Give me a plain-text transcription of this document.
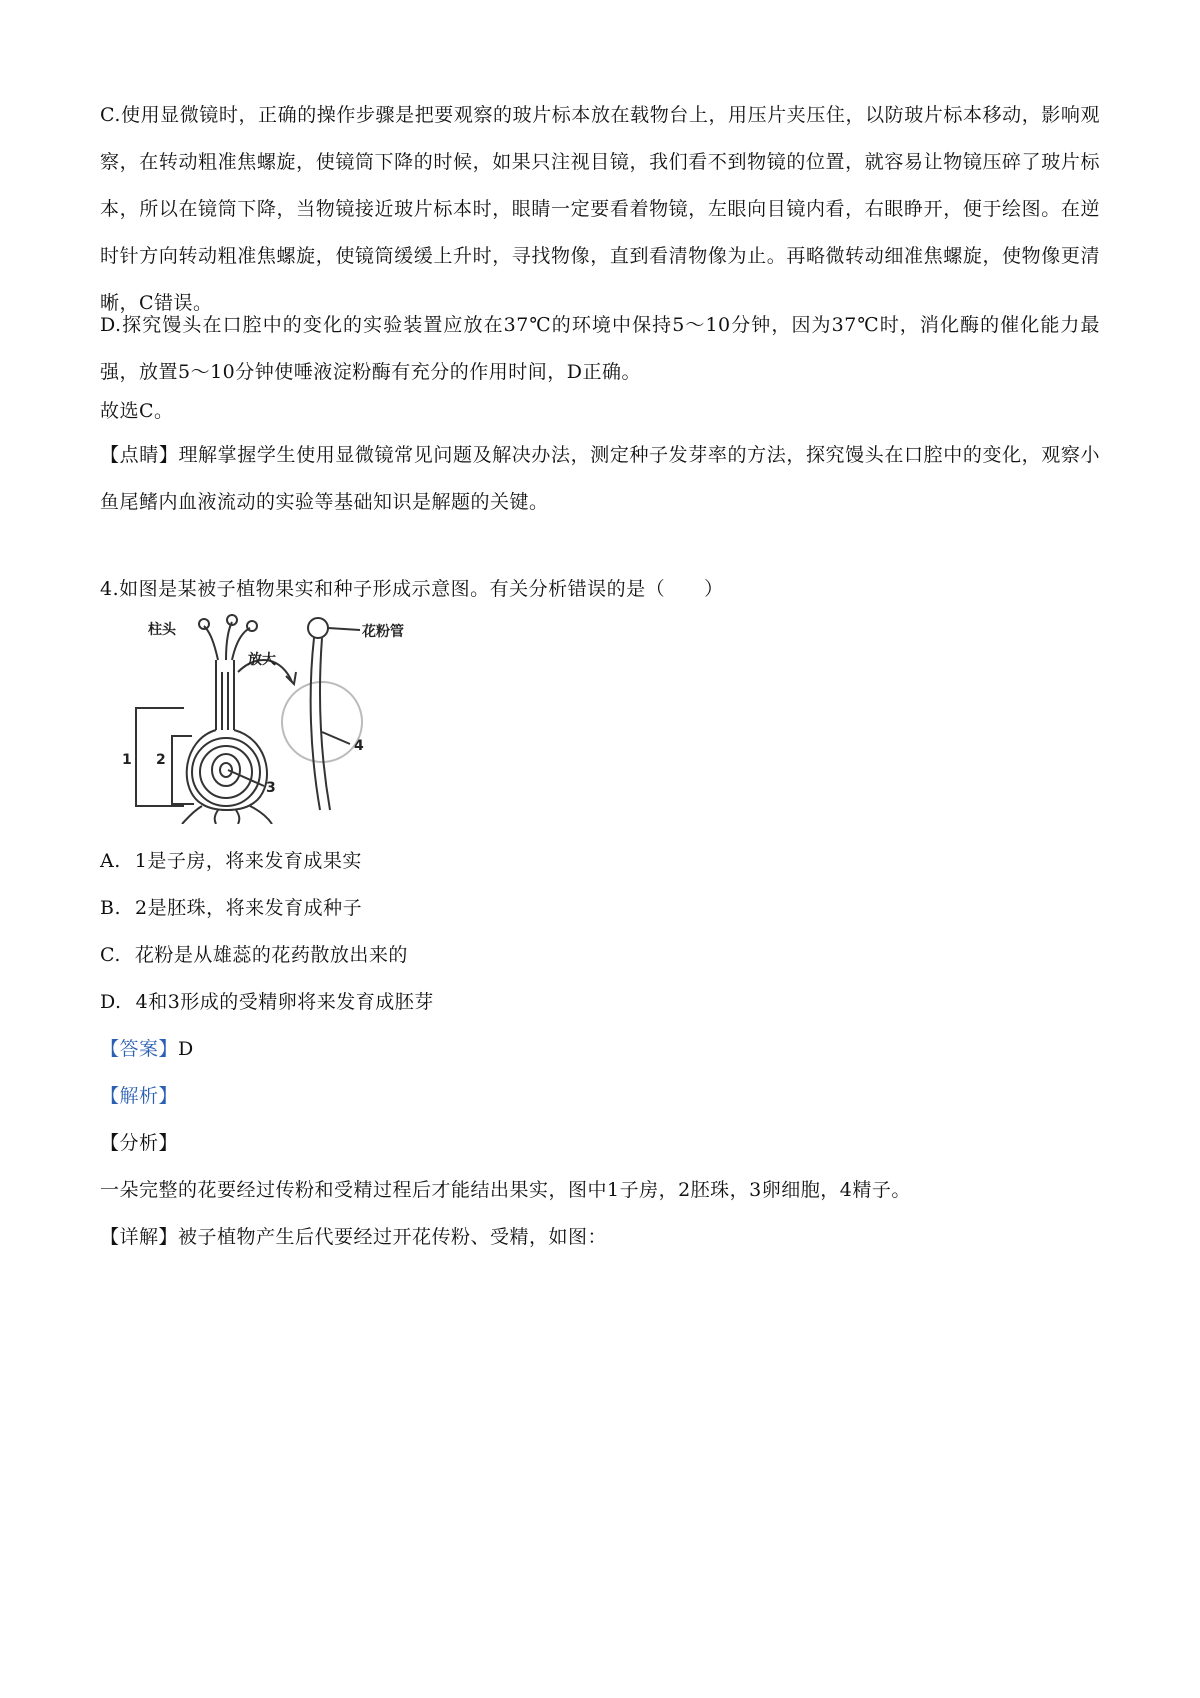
C.使用显微镜时，正确的操作步骤是把要观察的玻片标本放在载物台上，用压片夹压住，以防玻片标本移动，影响观察，在转动粗准焦螺旋，使镜筒下降的时候，如果只注视目镜，我们看不到物镜的位置，就容易让物镜压碎了玻片标本，所以在镜筒下降，当物镜接近玻片标本时，眼睛一定要看着物镜，左眼向目镜内看，右眼睁开，便于绘图。在逆时针方向转动粗准焦螺旋，使镜筒缓缓上升时，寻找物像，直到看清物像为止。再略微转动细准焦螺旋，使物像更清晰，C错误。
D.探究馒头在口腔中的变化的实验装置应放在37℃的环境中保持5～10分钟，因为37℃时，消化酶的催化能力最强，放置5～10分钟使唾液淀粉酶有充分的作用时间，D正确。
故选C。
【点睛】理解掌握学生使用显微镜常见问题及解决办法，测定种子发芽率的方法，探究馒头在口腔中的变化，观察小鱼尾鳍内血液流动的实验等基础知识是解题的关键。
4.如图是某被子植物果实和种子形成示意图。有关分析错误的是（　　）
柱头
放大
花粉管
1 2
3
4
A. 1是子房，将来发育成果实
B. 2是胚珠，将来发育成种子
C. 花粉是从雄蕊的花药散放出来的
D. 4和3形成的受精卵将来发育成胚芽
【答案】D
【解析】
【分析】
一朵完整的花要经过传粉和受精过程后才能结出果实，图中1子房，2胚珠，3卵细胞，4精子。
【详解】被子植物产生后代要经过开花传粉、受精，如图：
